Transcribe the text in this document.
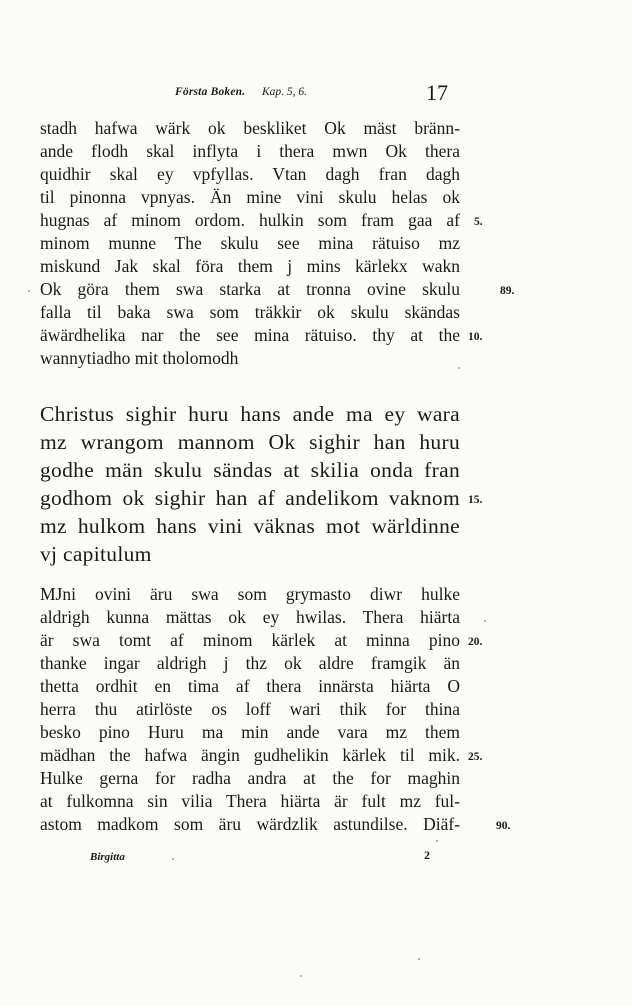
Första Boken. Kap. 5, 6.	17
stadh hafwa wärk ok beskliket Ok mäst bränn-
ande flodh skal inflyta i thera mwn Ok thera
quidhir skal ey vpfyllas. Vtan dagh fran dagh
til pinonna vpnyas. Än mine vini skulu helas ok
hugnas af minom ordom. hulkin som fram gaa af
minom munne The skulu see mina rätuiso mz
miskund Jak skal föra them j mins kärlekx wakn
Ok göra them swa starka at tronna ovine skulu
falla til baka swa som träkkir ok skulu skändas
äwärdhelika nar the see mina rätuiso. thy at the
wannytiadho mit tholomodh
Christus sighir huru hans ande ma ey wara
mz wrangom mannom Ok sighir han huru
godhe män skulu sändas at skilia onda fran
godhom ok sighir han af andelikom vaknom
mz hulkom hans vini väknas mot wärldinne
vj capitulum
MJni ovini äru swa som grymasto diwr hulke
aldrigh kunna mättas ok ey hwilas. Thera hiärta
är swa tomt af minom kärlek at minna pino
thanke ingar aldrigh j thz ok aldre framgik än
thetta ordhit en tima af thera innärsta hiärta O
herra thu atirlöste os loff wari thik for thina
besko pino Huru ma min ande vara mz them
mädhan the hafwa ängin gudhelikin kärlek til mik.
Hulke gerna for radha andra at the for maghin
at fulkomna sin vilia Thera hiärta är fult mz ful-
astom madkom som äru wärdzlik astundilse. Diäf-
5.
89.
10.
15.
20.
25.
90.
Birgitta	2
